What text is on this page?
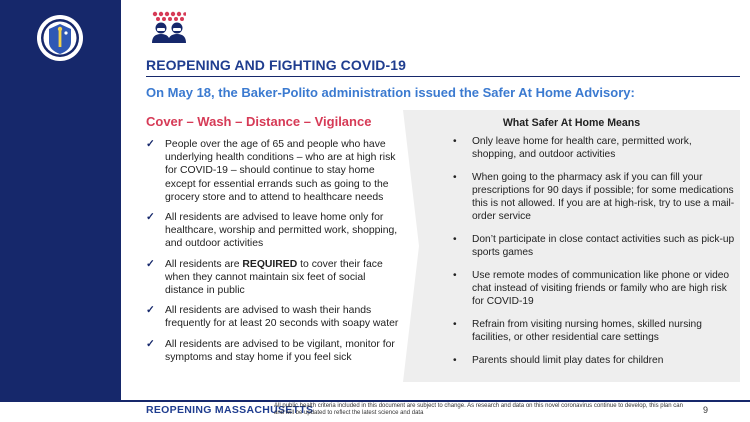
REOPENING AND FIGHTING COVID-19
On May 18, the Baker-Polito administration issued the Safer At Home Advisory:
Cover – Wash – Distance – Vigilance
✓ People over the age of 65 and people who have underlying health conditions – who are at high risk for COVID-19 – should continue to stay home except for essential errands such as going to the grocery store and to attend to healthcare needs
✓ All residents are advised to leave home only for healthcare, worship and permitted work, shopping, and outdoor activities
✓ All residents are REQUIRED to cover their face when they cannot maintain six feet of social distance in public
✓ All residents are advised to wash their hands frequently for at least 20 seconds with soapy water
✓ All residents are advised to be vigilant, monitor for symptoms and stay home if you feel sick
What Safer At Home Means
• Only leave home for health care, permitted work, shopping, and outdoor activities
• When going to the pharmacy ask if you can fill your prescriptions for 90 days if possible; for some medications this is not allowed. If you are at high-risk, try to use a mail-order service
• Don’t participate in close contact activities such as pick-up sports games
• Use remote modes of communication like phone or video chat instead of visiting friends or family who are high risk for COVID-19
• Refrain from visiting nursing homes, skilled nursing facilities, or other residential care settings
• Parents should limit play dates for children

REOPENING MASSACHUSETTS

All public health criteria included in this document are subject to change. As research and data on this novel coronavirus continue to develop, this plan can and will be updated to reflect the latest science and data	9
